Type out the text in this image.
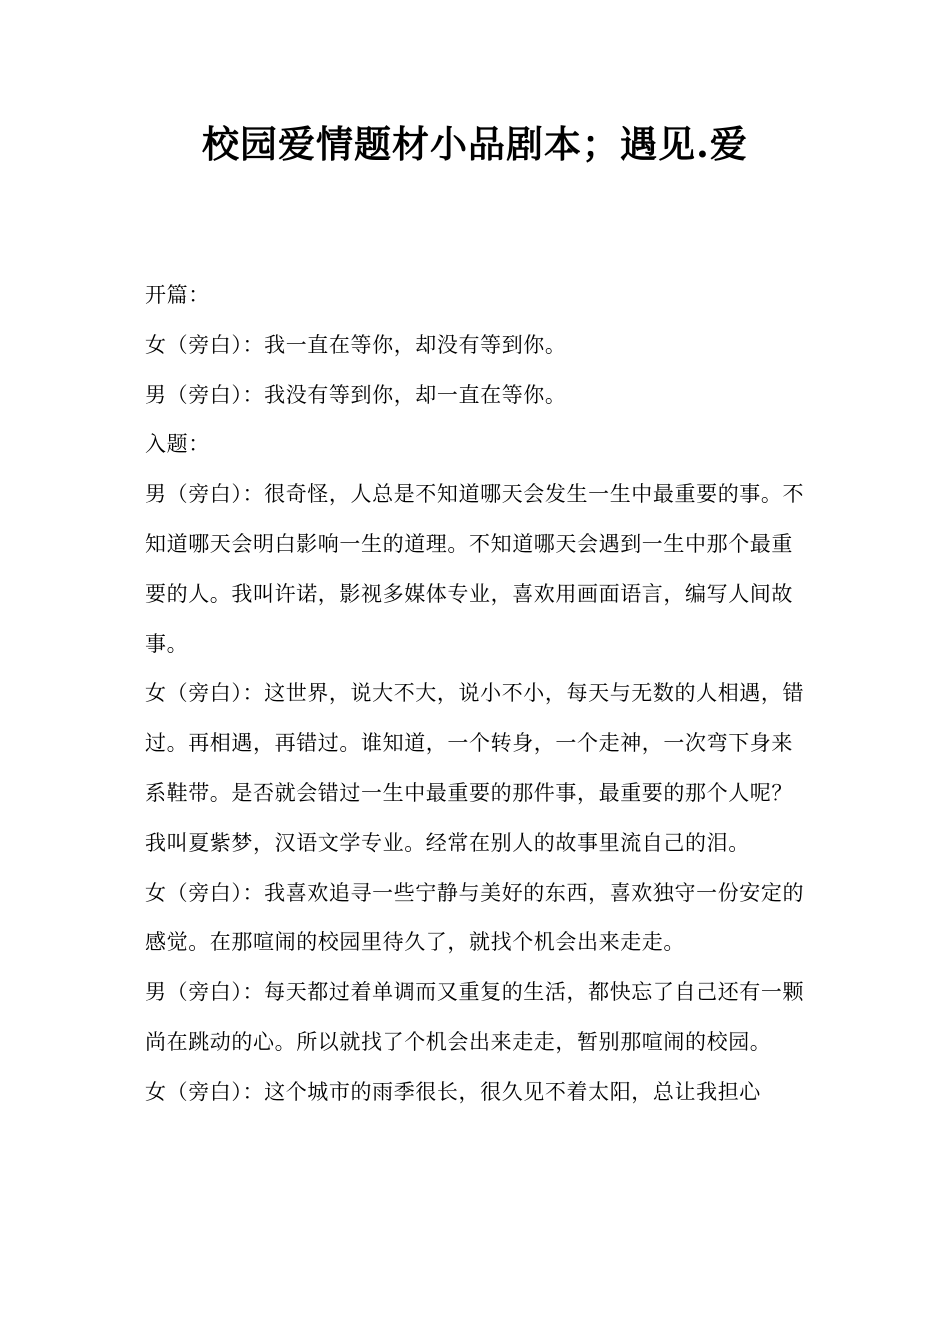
校园爱情题材小品剧本；遇见.爱

开篇：

女（旁白）：我一直在等你，却没有等到你。

男（旁白）：我没有等到你，却一直在等你。

入题：

男（旁白）：很奇怪，人总是不知道哪天会发生一生中最重要的事。不知道哪天会明白影响一生的道理。不知道哪天会遇到一生中那个最重要的人。我叫许诺，影视多媒体专业，喜欢用画面语言，编写人间故事。

女（旁白）：这世界，说大不大，说小不小，每天与无数的人相遇，错过。再相遇，再错过。谁知道，一个转身，一个走神，一次弯下身来系鞋带。是否就会错过一生中最重要的那件事，最重要的那个人呢？我叫夏紫梦，汉语文学专业。经常在别人的故事里流自己的泪。

女（旁白）：我喜欢追寻一些宁静与美好的东西，喜欢独守一份安定的感觉。在那喧闹的校园里待久了，就找个机会出来走走。

男（旁白）：每天都过着单调而又重复的生活，都快忘了自己还有一颗尚在跳动的心。所以就找了个机会出来走走，暂别那喧闹的校园。

女（旁白）：这个城市的雨季很长，很久见不着太阳，总让我担心
